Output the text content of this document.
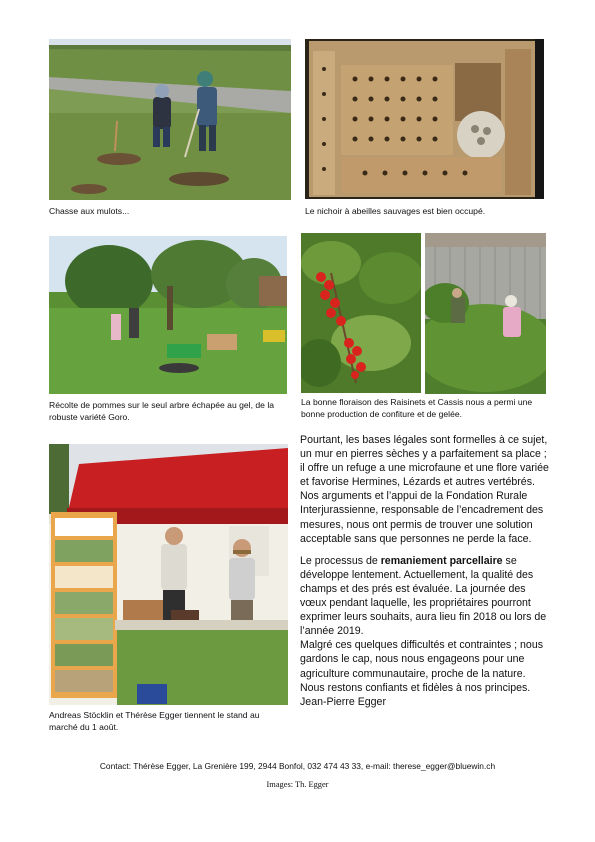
Chasse aux mulots...	Le nichoir à abeilles sauvages est bien occupé.
Récolte de pommes sur le seul arbre échapée au gel, de la robuste variété Goro.
La bonne floraison des Raisinets et Cassis nous a permi une bonne production de confiture et de gelée.
Andreas Stöcklin et Thérèse Egger tiennent le stand au marché du 1 août.

Pourtant, les bases légales sont formelles à ce sujet, un mur en pierres sèches y a parfaitement sa place ; il offre un refuge a une microfaune et une flore variée et favorise Hermines, Lézards et autres vertébrés. Nos arguments et l’appui de la Fondation Rurale Interjurassienne, responsable de l’encadrement des mesures, nous ont permis de trouver une solution acceptable sans que personnes ne perde la face.

Le processus de remaniement parcellaire se développe lentement. Actuellement, la qualité des champs et des prés est évaluée. La journée des vœux pendant laquelle, les propriétaires pourront exprimer leurs souhaits, aura lieu fin 2018 ou lors de l’année 2019.

Malgré ces quelques difficultés et contraintes ; nous gardons le cap, nous nous engageons pour une agriculture communautaire, proche de la nature. Nous restons confiants et fidèles à nos principes.

Jean-Pierre Egger

Contact: Thérèse Egger, La Grenière 199, 2944 Bonfol, 032 474 43 33, e-mail: therese_egger@bluewin.ch
Images: Th. Egger
